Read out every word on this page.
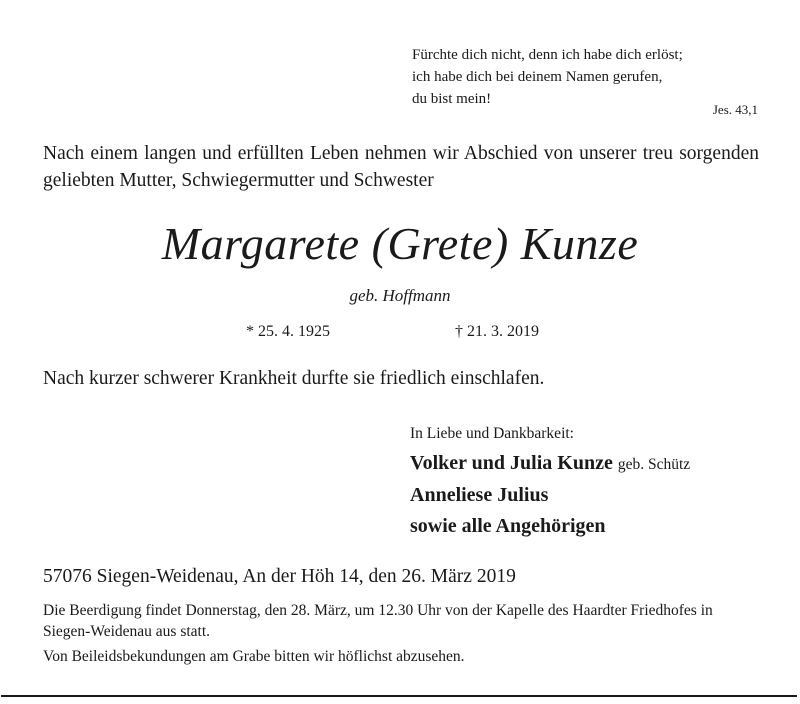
Fürchte dich nicht, denn ich habe dich erlöst;
ich habe dich bei deinem Namen gerufen,
du bist mein!
Jes. 43,1
Nach einem langen und erfüllten Leben nehmen wir Abschied von unserer treu sorgenden geliebten Mutter, Schwiegermutter und Schwester
Margarete (Grete) Kunze
geb. Hoffmann
* 25. 4. 1925	† 21. 3. 2019
Nach kurzer schwerer Krankheit durfte sie friedlich einschlafen.
In Liebe und Dankbarkeit:
Volker und Julia Kunze geb. Schütz
Anneliese Julius
sowie alle Angehörigen
57076 Siegen-Weidenau, An der Höh 14, den 26. März 2019
Die Beerdigung findet Donnerstag, den 28. März, um 12.30 Uhr von der Kapelle des Haardter Friedhofes in Siegen-Weidenau aus statt.
Von Beileidsbekundungen am Grabe bitten wir höflichst abzusehen.
